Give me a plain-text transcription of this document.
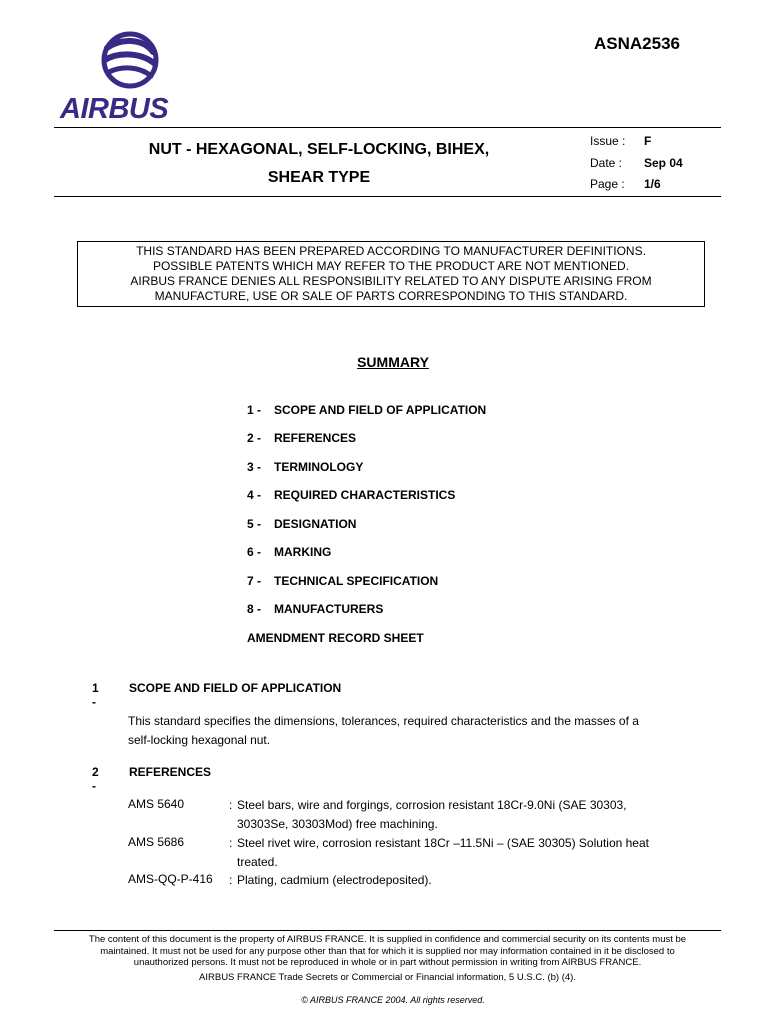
AIRBUS
ASNA2536
NUT - HEXAGONAL, SELF-LOCKING, BIHEX,
SHEAR TYPE
Issue : F
Date : Sep 04
Page : 1/6
THIS STANDARD HAS BEEN PREPARED ACCORDING TO MANUFACTURER DEFINITIONS.
POSSIBLE PATENTS WHICH MAY REFER TO THE PRODUCT ARE NOT MENTIONED.
AIRBUS FRANCE DENIES ALL RESPONSIBILITY RELATED TO ANY DISPUTE ARISING FROM
MANUFACTURE, USE OR SALE OF PARTS CORRESPONDING TO THIS STANDARD.
SUMMARY
1 - SCOPE AND FIELD OF APPLICATION
2 - REFERENCES
3 - TERMINOLOGY
4 - REQUIRED CHARACTERISTICS
5 - DESIGNATION
6 - MARKING
7 - TECHNICAL SPECIFICATION
8 - MANUFACTURERS
AMENDMENT RECORD SHEET
1 -
SCOPE AND FIELD OF APPLICATION
This standard specifies the dimensions, tolerances, required characteristics and the masses of a
self-locking hexagonal nut.
2 -
REFERENCES
AMS 5640	: Steel bars, wire and forgings, corrosion resistant 18Cr-9.0Ni (SAE 30303,
30303Se, 30303Mod) free machining.
AMS 5686	: Steel rivet wire, corrosion resistant 18Cr –11.5Ni – (SAE 30305) Solution heat
treated.
AMS-QQ-P-416 : Plating, cadmium (electrodeposited).
The content of this document is the property of AIRBUS FRANCE. It is supplied in confidence and commercial security on its contents must be
maintained. It must not be used for any purpose other than that for which it is supplied nor may information contained in it be disclosed to
unauthorized persons. It must not be reproduced in whole or in part without permission in writing from AIRBUS FRANCE.
AIRBUS FRANCE Trade Secrets or Commercial or Financial information, 5 U.S.C. (b) (4).
© AIRBUS FRANCE 2004. All rights reserved.
